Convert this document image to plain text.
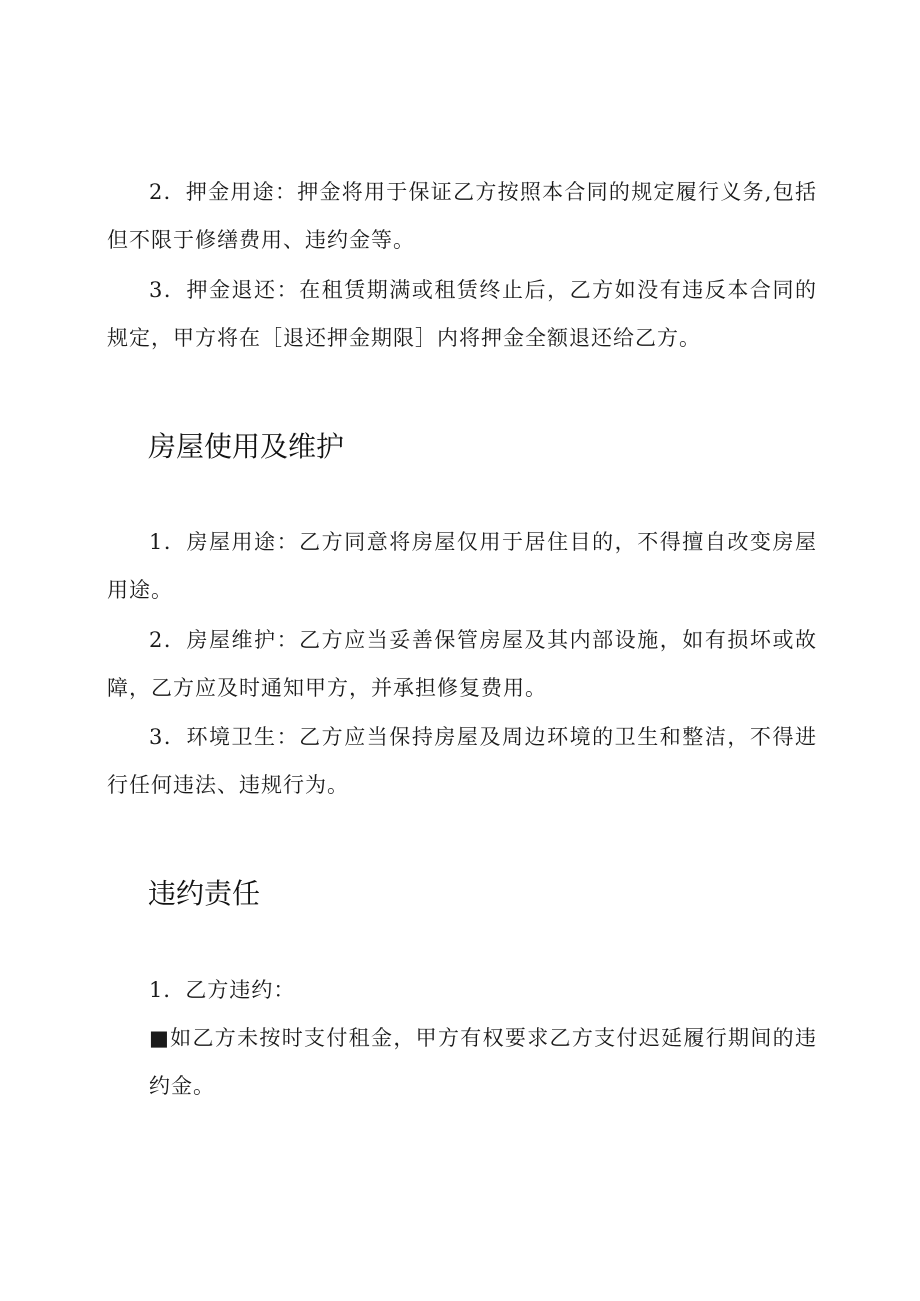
2．押金用途：押金将用于保证乙方按照本合同的规定履行义务,包括但不限于修缮费用、违约金等。

3．押金退还：在租赁期满或租赁终止后，乙方如没有违反本合同的规定，甲方将在［退还押金期限］内将押金全额退还给乙方。

房屋使用及维护

1．房屋用途：乙方同意将房屋仅用于居住目的，不得擅自改变房屋用途。

2．房屋维护：乙方应当妥善保管房屋及其内部设施，如有损坏或故障，乙方应及时通知甲方，并承担修复费用。

3．环境卫生：乙方应当保持房屋及周边环境的卫生和整洁，不得进行任何违法、违规行为。

违约责任

1．乙方违约：

■如乙方未按时支付租金，甲方有权要求乙方支付迟延履行期间的违约金。
